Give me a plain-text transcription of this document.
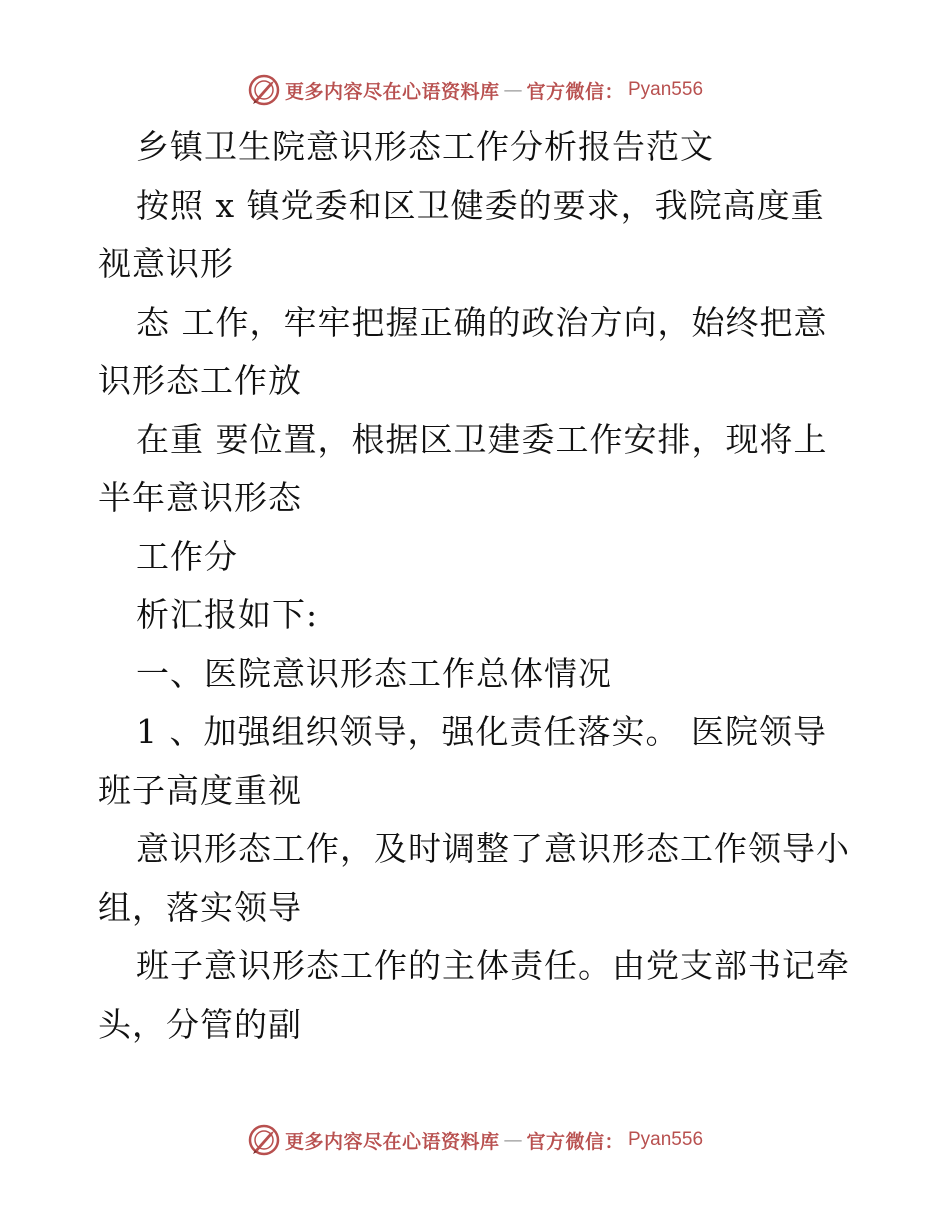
更多内容尽在心语资料库 — 官方微信： Pyan556
乡镇卫生院意识形态工作分析报告范文
按照 x 镇党委和区卫健委的要求，我院高度重
视意识形
态 工作，牢牢把握正确的政治方向，始终把意
识形态工作放
在重 要位置，根据区卫建委工作安排，现将上
半年意识形态
工作分
析汇报如下:
一、医院意识形态工作总体情况
1 、加强组织领导，强化责任落实。 医院领导
班子高度重视
意识形态工作，及时调整了意识形态工作领导小
组，落实领导
班子意识形态工作的主体责任。由党支部书记牵
头，分管的副
更多内容尽在心语资料库 — 官方微信： Pyan556
